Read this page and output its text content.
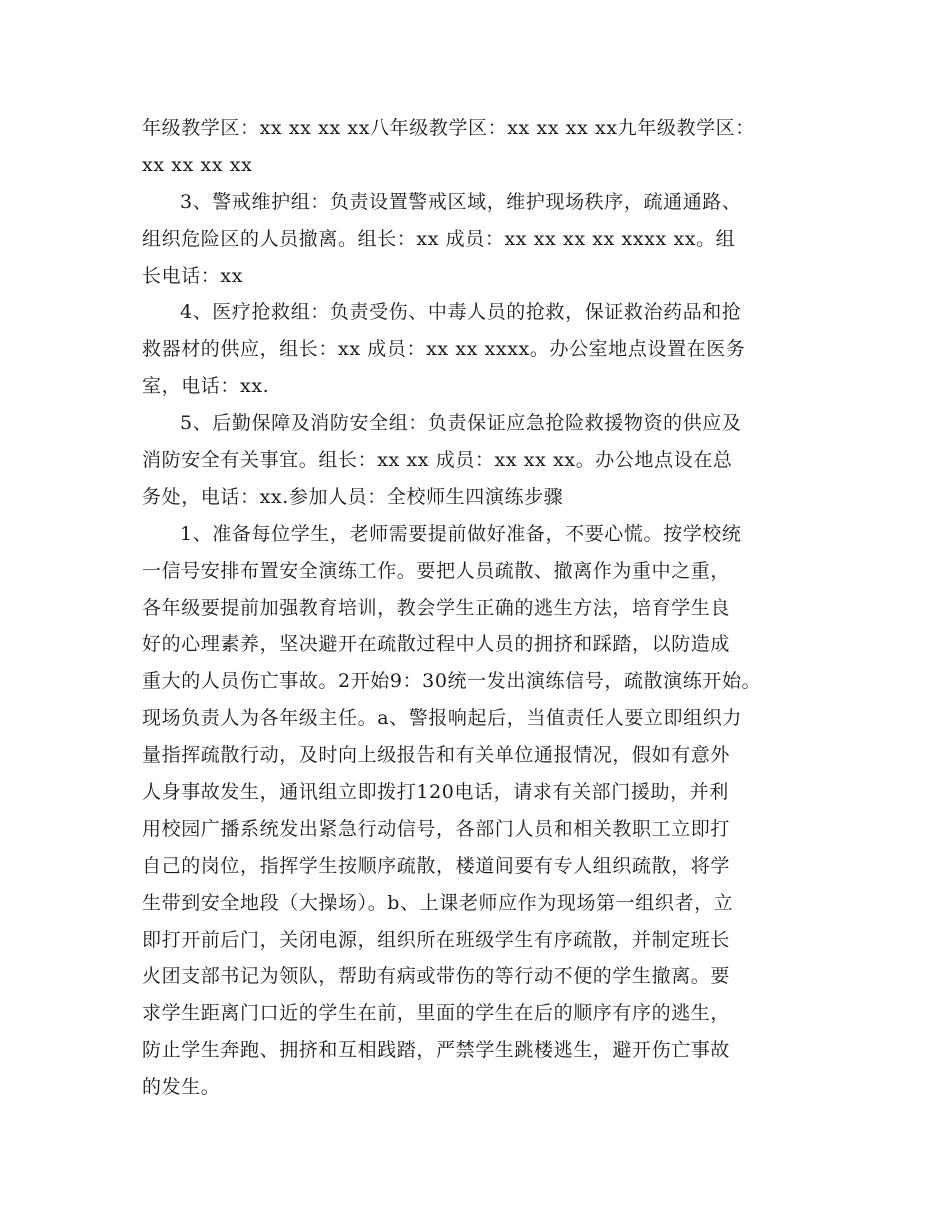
年级教学区：xx xx xx xx八年级教学区：xx xx xx xx九年级教学区：
xx xx xx xx
3、警戒维护组：负责设置警戒区域，维护现场秩序，疏通通路、
组织危险区的人员撤离。组长：xx 成员：xx xx xx xx xxxx xx。组
长电话：xx
4、医疗抢救组：负责受伤、中毒人员的抢救，保证救治药品和抢
救器材的供应，组长：xx 成员：xx xx xxxx。办公室地点设置在医务
室，电话：xx.
5、后勤保障及消防安全组：负责保证应急抢险救援物资的供应及
消防安全有关事宜。组长：xx xx 成员：xx xx xx。办公地点设在总
务处，电话：xx.参加人员：全校师生四演练步骤
1、准备每位学生，老师需要提前做好准备，不要心慌。按学校统
一信号安排布置安全演练工作。要把人员疏散、撤离作为重中之重，
各年级要提前加强教育培训，教会学生正确的逃生方法，培育学生良
好的心理素养，坚决避开在疏散过程中人员的拥挤和踩踏，以防造成
重大的人员伤亡事故。2开始9：30统一发出演练信号，疏散演练开始。
现场负责人为各年级主任。a、警报响起后，当值责任人要立即组织力
量指挥疏散行动，及时向上级报告和有关单位通报情况，假如有意外
人身事故发生，通讯组立即拨打120电话，请求有关部门援助，并利
用校园广播系统发出紧急行动信号，各部门人员和相关教职工立即打
自己的岗位，指挥学生按顺序疏散，楼道间要有专人组织疏散，将学
生带到安全地段（大操场）。b、上课老师应作为现场第一组织者，立
即打开前后门，关闭电源，组织所在班级学生有序疏散，并制定班长
火团支部书记为领队，帮助有病或带伤的等行动不便的学生撤离。要
求学生距离门口近的学生在前，里面的学生在后的顺序有序的逃生，
防止学生奔跑、拥挤和互相践踏，严禁学生跳楼逃生，避开伤亡事故
的发生。
